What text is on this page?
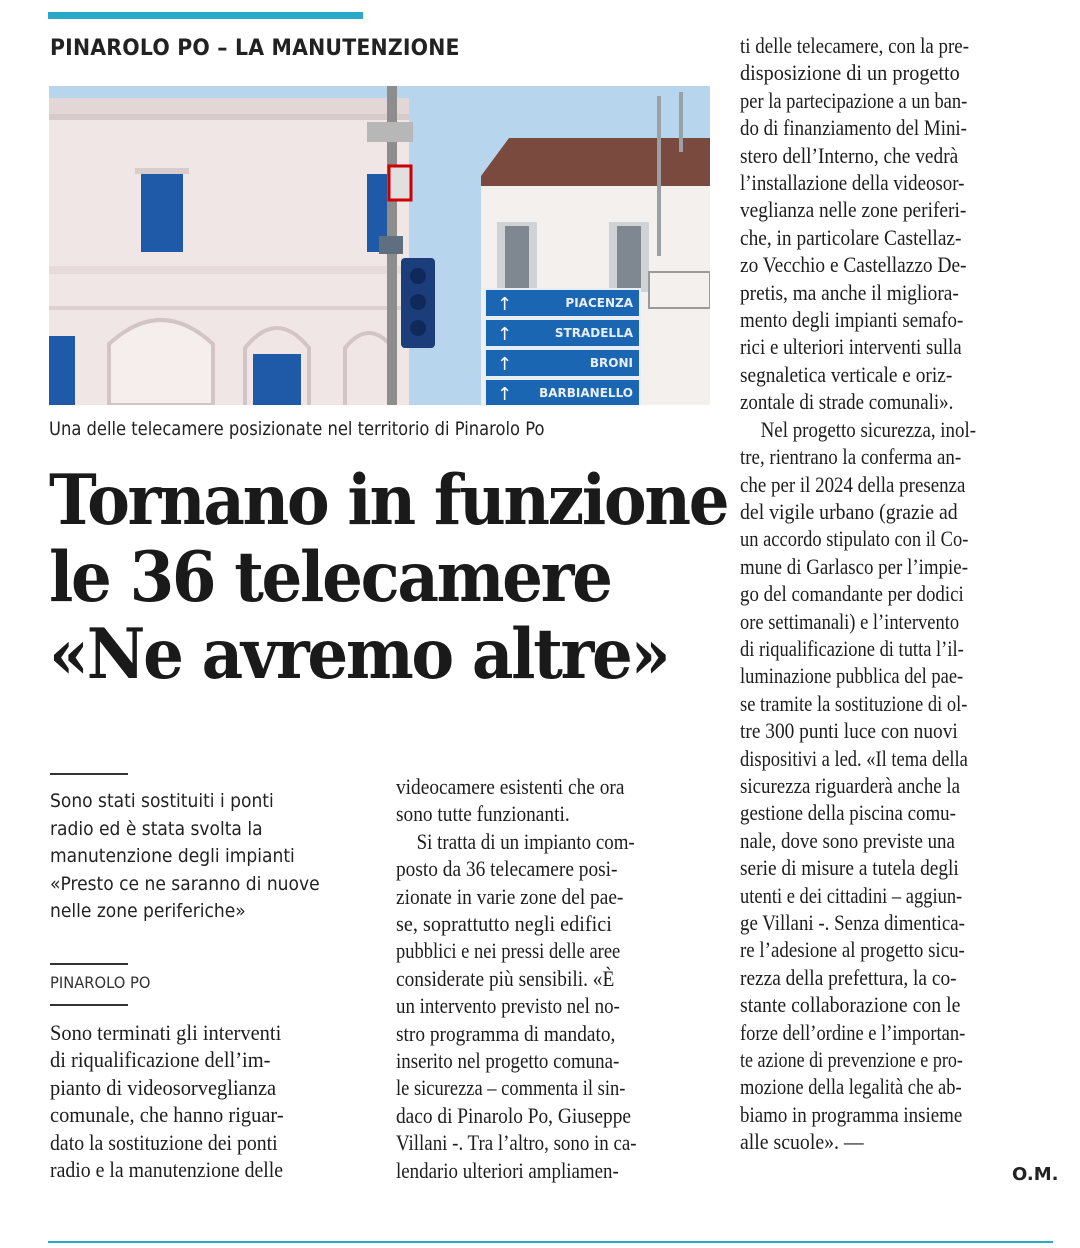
PINAROLO PO – LA MANUTENZIONE
↑
↑
↑
↑
PIACENZA
STRADELLA
BRONI
BARBIANELLO
Una delle telecamere posizionate nel territorio di Pinarolo Po
Tornano in funzione
le 36 telecamere
«Ne avremo altre»
Sono stati sostituiti i ponti
radio ed è stata svolta la
manutenzione degli impianti
«Presto ce ne saranno di nuove
nelle zone periferiche»
PINAROLO PO
Sono terminati gli interventi
di riqualificazione dell’im-
pianto di videosorveglianza
comunale, che hanno riguar-
dato la sostituzione dei ponti
radio e la manutenzione delle
videocamere esistenti che ora
sono tutte funzionanti.
Si tratta di un impianto com-
posto da 36 telecamere posi-
zionate in varie zone del pae-
se, soprattutto negli edifici
pubblici e nei pressi delle aree
considerate più sensibili. «È
un intervento previsto nel no-
stro programma di mandato,
inserito nel progetto comuna-
le sicurezza – commenta il sin-
daco di Pinarolo Po, Giuseppe
Villani -. Tra l’altro, sono in ca-
lendario ulteriori ampliamen-
ti delle telecamere, con la pre-
disposizione di un progetto
per la partecipazione a un ban-
do di finanziamento del Mini-
stero dell’Interno, che vedrà
l’installazione della videosor-
veglianza nelle zone periferi-
che, in particolare Castellaz-
zo Vecchio e Castellazzo De-
pretis, ma anche il migliora-
mento degli impianti semafo-
rici e ulteriori interventi sulla
segnaletica verticale e oriz-
zontale di strade comunali».
Nel progetto sicurezza, inol-
tre, rientrano la conferma an-
che per il 2024 della presenza
del vigile urbano (grazie ad
un accordo stipulato con il Co-
mune di Garlasco per l’impie-
go del comandante per dodici
ore settimanali) e l’intervento
di riqualificazione di tutta l’il-
luminazione pubblica del pae-
se tramite la sostituzione di ol-
tre 300 punti luce con nuovi
dispositivi a led. «Il tema della
sicurezza riguarderà anche la
gestione della piscina comu-
nale, dove sono previste una
serie di misure a tutela degli
utenti e dei cittadini – aggiun-
ge Villani -. Senza dimentica-
re l’adesione al progetto sicu-
rezza della prefettura, la co-
stante collaborazione con le
forze dell’ordine e l’importan-
te azione di prevenzione e pro-
mozione della legalità che ab-
biamo in programma insieme
alle scuole». —
O.M.
